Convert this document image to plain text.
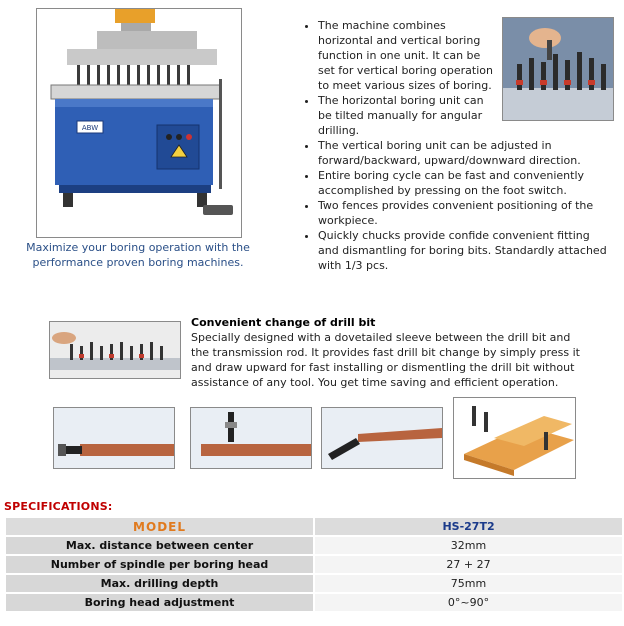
ABW
Maximize your boring operation with the
performance proven boring machines.
• The machine combines horizontal and vertical boring function in one unit. It can be set for vertical boring operation to meet various sizes of boring.
• The horizontal boring unit can be tilted manually for angular drilling.
• The vertical boring unit can be adjusted in forward/backward, upward/downward direction.
• Entire boring cycle can be fast and conveniently accomplished by pressing on the foot switch.
• Two fences provides convenient positioning of the workpiece.
• Quickly chucks provide confide convenient fitting and dismantling for boring bits. Standardly attached with 1/3 pcs.
Convenient change of drill bit
Specially designed with a dovetailed sleeve between the drill bit and the transmission rod. It provides fast drill bit change by simply press it and draw upward for fast installing or dismentling the drill bit without assistance of any tool. You get time saving and efficient operation.
SPECIFICATIONS:
MODEL	HS-27T2
Max. distance between center	32mm
Number of spindle per boring head	27 + 27
Max. drilling depth	75mm
Boring head adjustment	0°~90°
